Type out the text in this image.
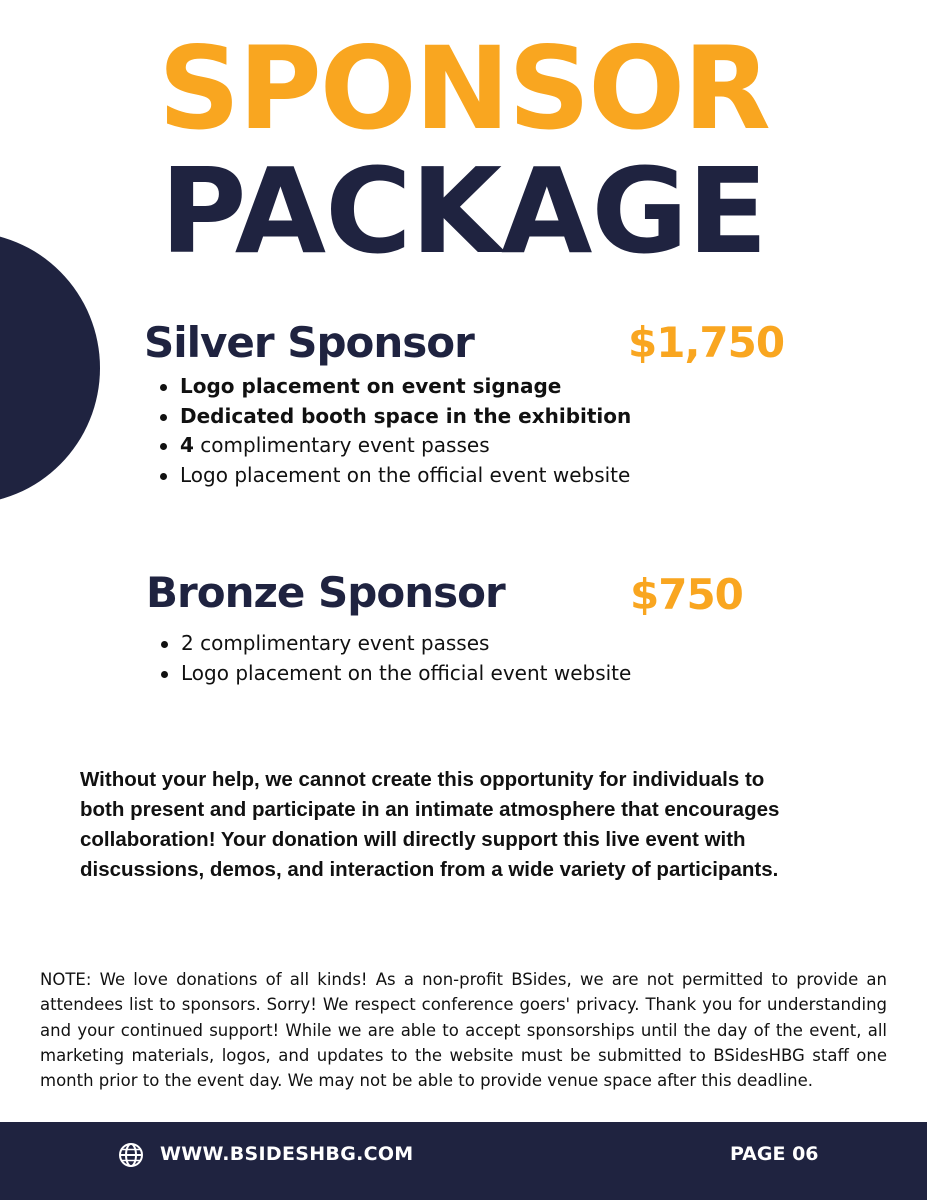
SPONSOR
PACKAGE
Silver Sponsor	$1,750
Logo placement on event signage
Dedicated booth space in the exhibition
4 complimentary event passes
Logo placement on the official event website
Bronze Sponsor	$750
2 complimentary event passes
Logo placement on the official event website

Without your help, we cannot create this opportunity for individuals to both present and participate in an intimate atmosphere that encourages collaboration! Your donation will directly support this live event with discussions, demos, and interaction from a wide variety of participants.

NOTE: We love donations of all kinds! As a non-profit BSides, we are not permitted to provide an attendees list to sponsors. Sorry! We respect conference goers' privacy. Thank you for understanding and your continued support! While we are able to accept sponsorships until the day of the event, all marketing materials, logos, and updates to the website must be submitted to BSidesHBG staff one month prior to the event day. We may not be able to provide venue space after this deadline.

WWW.BSIDESHBG.COM	PAGE 06
